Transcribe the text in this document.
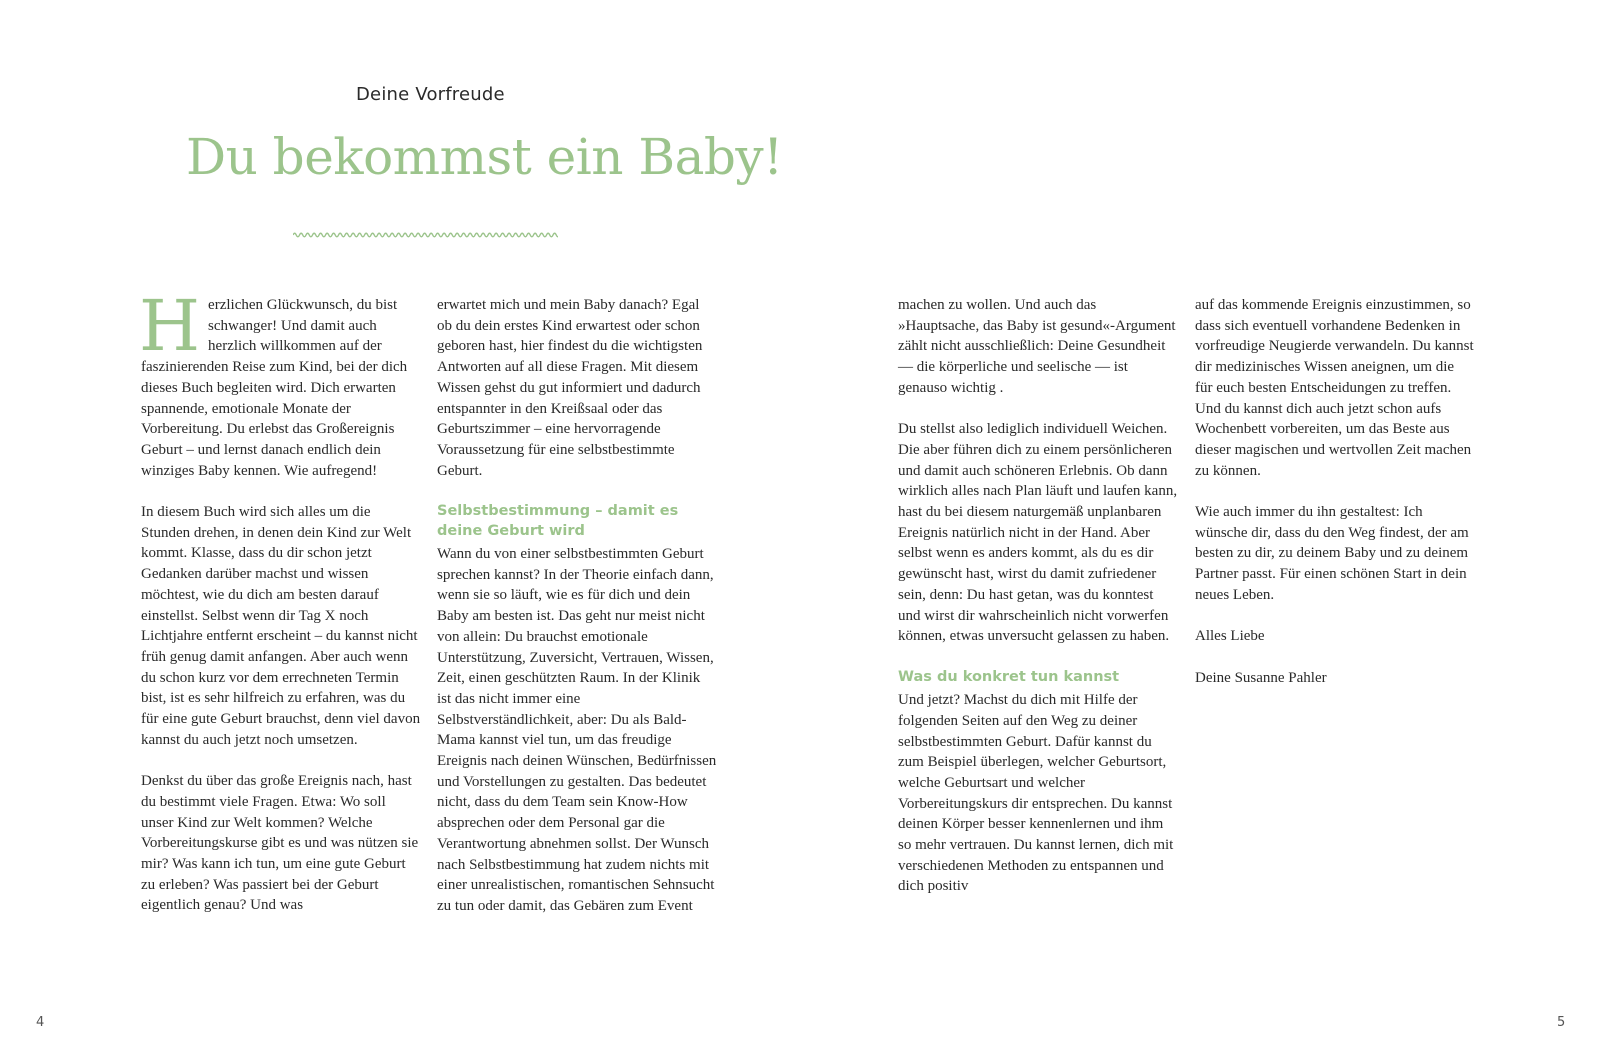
Deine Vorfreude
Du bekommst ein Baby!

Herzlichen Glückwunsch, du bist schwanger! Und damit auch herzlich willkommen auf der faszinierenden Reise zum Kind, bei der dich dieses Buch begleiten wird. Dich erwarten spannende, emotionale Monate der Vorbereitung. Du erlebst das Großereignis Geburt – und lernst danach endlich dein winziges Baby kennen. Wie aufregend!

In diesem Buch wird sich alles um die Stunden drehen, in denen dein Kind zur Welt kommt. Klasse, dass du dir schon jetzt Gedanken darüber machst und wissen möchtest, wie du dich am besten darauf einstellst. Selbst wenn dir Tag X noch Lichtjahre entfernt erscheint – du kannst nicht früh genug damit anfangen. Aber auch wenn du schon kurz vor dem errechneten Termin bist, ist es sehr hilfreich zu erfahren, was du für eine gute Geburt brauchst, denn viel davon kannst du auch jetzt noch umsetzen.

Denkst du über das große Ereignis nach, hast du bestimmt viele Fragen. Etwa: Wo soll unser Kind zur Welt kommen? Welche Vorbereitungskurse gibt es und was nützen sie mir? Was kann ich tun, um eine gute Geburt zu erleben? Was passiert bei der Geburt eigentlich genau? Und was

erwartet mich und mein Baby danach? Egal ob du dein erstes Kind erwartest oder schon geboren hast, hier findest du die wichtigsten Antworten auf all diese Fragen. Mit diesem Wissen gehst du gut informiert und dadurch entspannter in den Kreißsaal oder das Geburtszimmer – eine hervorragende Voraussetzung für eine selbstbestimmte Geburt.

Selbstbestimmung – damit es deine Geburt wird

Wann du von einer selbstbestimmten Geburt sprechen kannst? In der Theorie einfach dann, wenn sie so läuft, wie es für dich und dein Baby am besten ist. Das geht nur meist nicht von allein: Du brauchst emotionale Unterstützung, Zuversicht, Vertrauen, Wissen, Zeit, einen geschützten Raum. In der Klinik ist das nicht immer eine Selbstverständlichkeit, aber: Du als Bald-Mama kannst viel tun, um das freudige Ereignis nach deinen Wünschen, Bedürfnissen und Vorstellungen zu gestalten. Das bedeutet nicht, dass du dem Team sein Know-How absprechen oder dem Personal gar die Verantwortung abnehmen sollst. Der Wunsch nach Selbstbestimmung hat zudem nichts mit einer unrealistischen, romantischen Sehnsucht zu tun oder damit, das Gebären zum Event

machen zu wollen. Und auch das »Hauptsache, das Baby ist gesund«-Argument zählt nicht ausschließlich: Deine Gesundheit — die körperliche und seelische — ist genauso wichtig .

Du stellst also lediglich individuell Weichen. Die aber führen dich zu einem persönlicheren und damit auch schöneren Erlebnis. Ob dann wirklich alles nach Plan läuft und laufen kann, hast du bei diesem naturgemäß unplanbaren Ereignis natürlich nicht in der Hand. Aber selbst wenn es anders kommt, als du es dir gewünscht hast, wirst du damit zufriedener sein, denn: Du hast getan, was du konntest und wirst dir wahrscheinlich nicht vorwerfen können, etwas unversucht gelassen zu haben.

Was du konkret tun kannst

Und jetzt? Machst du dich mit Hilfe der folgenden Seiten auf den Weg zu deiner selbstbestimmten Geburt. Dafür kannst du zum Beispiel überlegen, welcher Geburtsort, welche Geburtsart und welcher Vorbereitungskurs dir entsprechen. Du kannst deinen Körper besser kennenlernen und ihm so mehr vertrauen. Du kannst lernen, dich mit verschiedenen Methoden zu entspannen und dich positiv

auf das kommende Ereignis einzustimmen, so dass sich eventuell vorhandene Bedenken in vorfreudige Neugierde verwandeln. Du kannst dir medizinisches Wissen aneignen, um die für euch besten Entscheidungen zu treffen. Und du kannst dich auch jetzt schon aufs Wochenbett vorbereiten, um das Beste aus dieser magischen und wertvollen Zeit machen zu können.

Wie auch immer du ihn gestaltest: Ich wünsche dir, dass du den Weg findest, der am besten zu dir, zu deinem Baby und zu deinem Partner passt. Für einen schönen Start in dein neues Leben.

Alles Liebe

Deine Susanne Pahler

4	5
